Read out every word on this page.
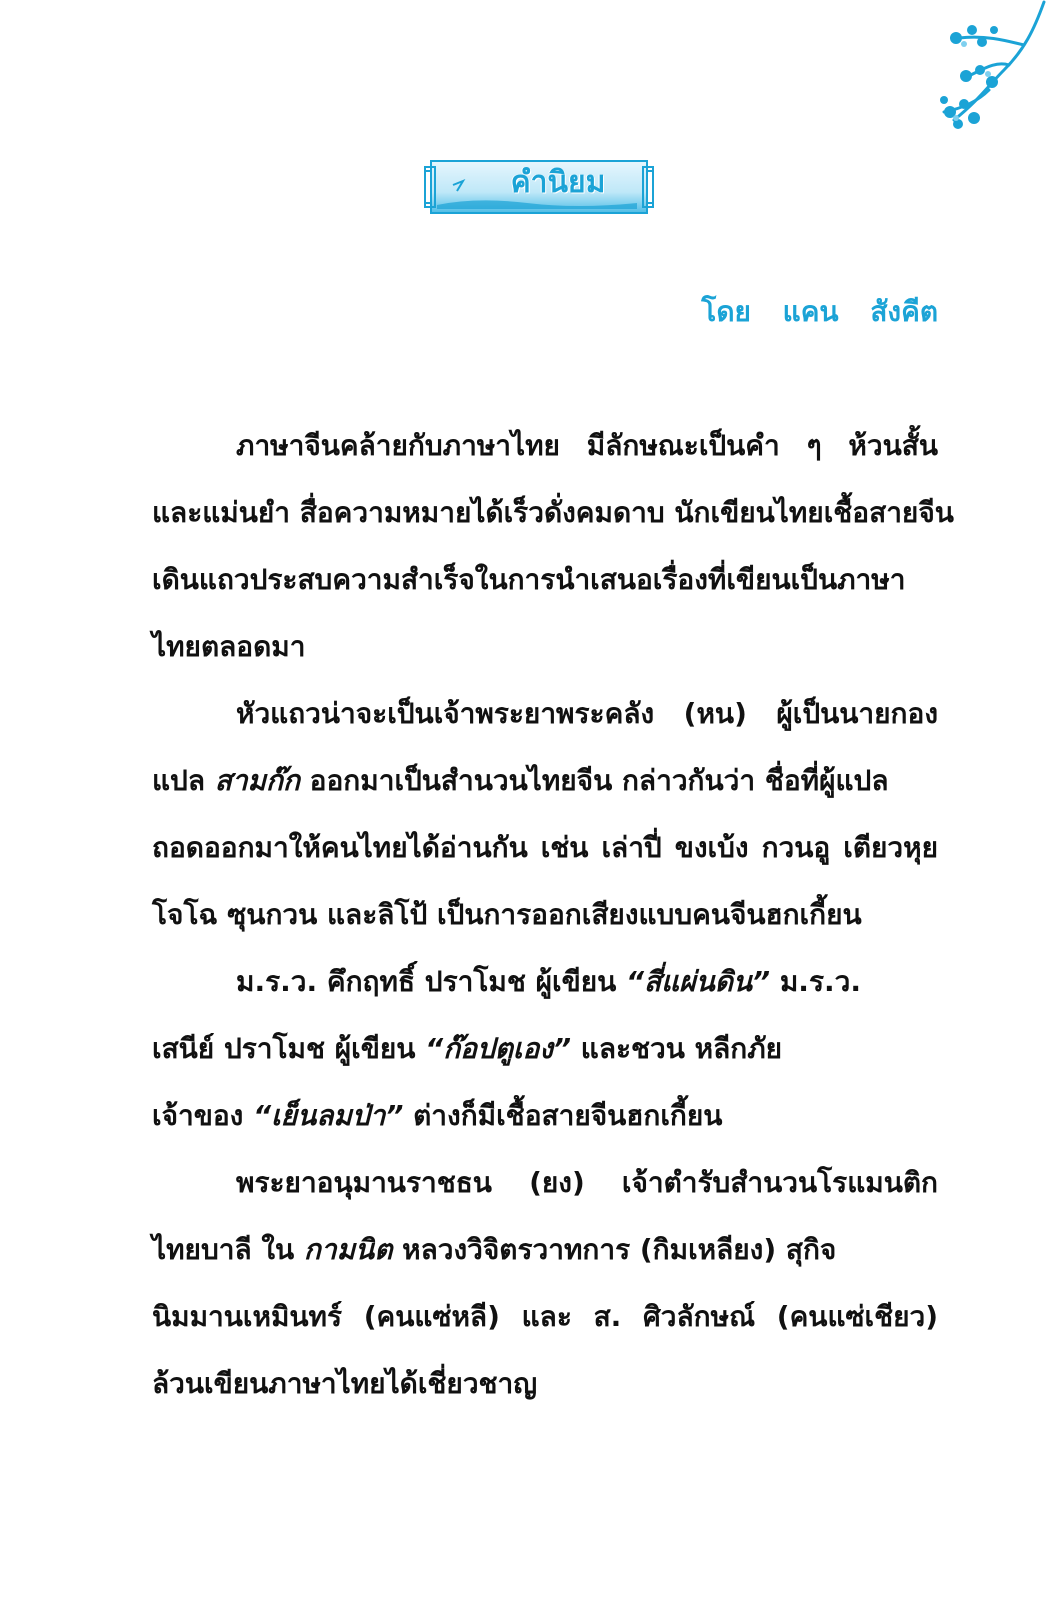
คำนิยม
โดย แคน สังคีต
ภาษาจีนคล้ายกับภาษาไทย มีลักษณะเป็นคำ ๆ ห้วนสั้น
และแม่นยำ สื่อความหมายได้เร็วดั่งคมดาบ นักเขียนไทยเชื้อสายจีน
เดินแถวประสบความสำเร็จในการนำเสนอเรื่องที่เขียนเป็นภาษา
ไทยตลอดมา
หัวแถวน่าจะเป็นเจ้าพระยาพระคลัง (หน) ผู้เป็นนายกอง
แปล สามก๊ก ออกมาเป็นสำนวนไทยจีน กล่าวกันว่า ชื่อที่ผู้แปล
ถอดออกมาให้คนไทยได้อ่านกัน เช่น เล่าปี่ ขงเบ้ง กวนอู เตียวหุย
โจโฉ ซุนกวน และลิโป้ เป็นการออกเสียงแบบคนจีนฮกเกี้ยน
ม.ร.ว. คึกฤทธิ์ ปราโมช ผู้เขียน “สี่แผ่นดิน” ม.ร.ว.
เสนีย์ ปราโมช ผู้เขียน “ก๊อปตูเอง” และชวน หลีกภัย
เจ้าของ “เย็นลมป่า” ต่างก็มีเชื้อสายจีนฮกเกี้ยน
พระยาอนุมานราชธน (ยง) เจ้าตำรับสำนวนโรแมนติก
ไทยบาลี ใน กามนิต หลวงวิจิตรวาทการ (กิมเหลียง) สุกิจ
นิมมานเหมินทร์ (คนแซ่หลี) และ ส. ศิวลักษณ์ (คนแซ่เชียว)
ล้วนเขียนภาษาไทยได้เชี่ยวชาญ
